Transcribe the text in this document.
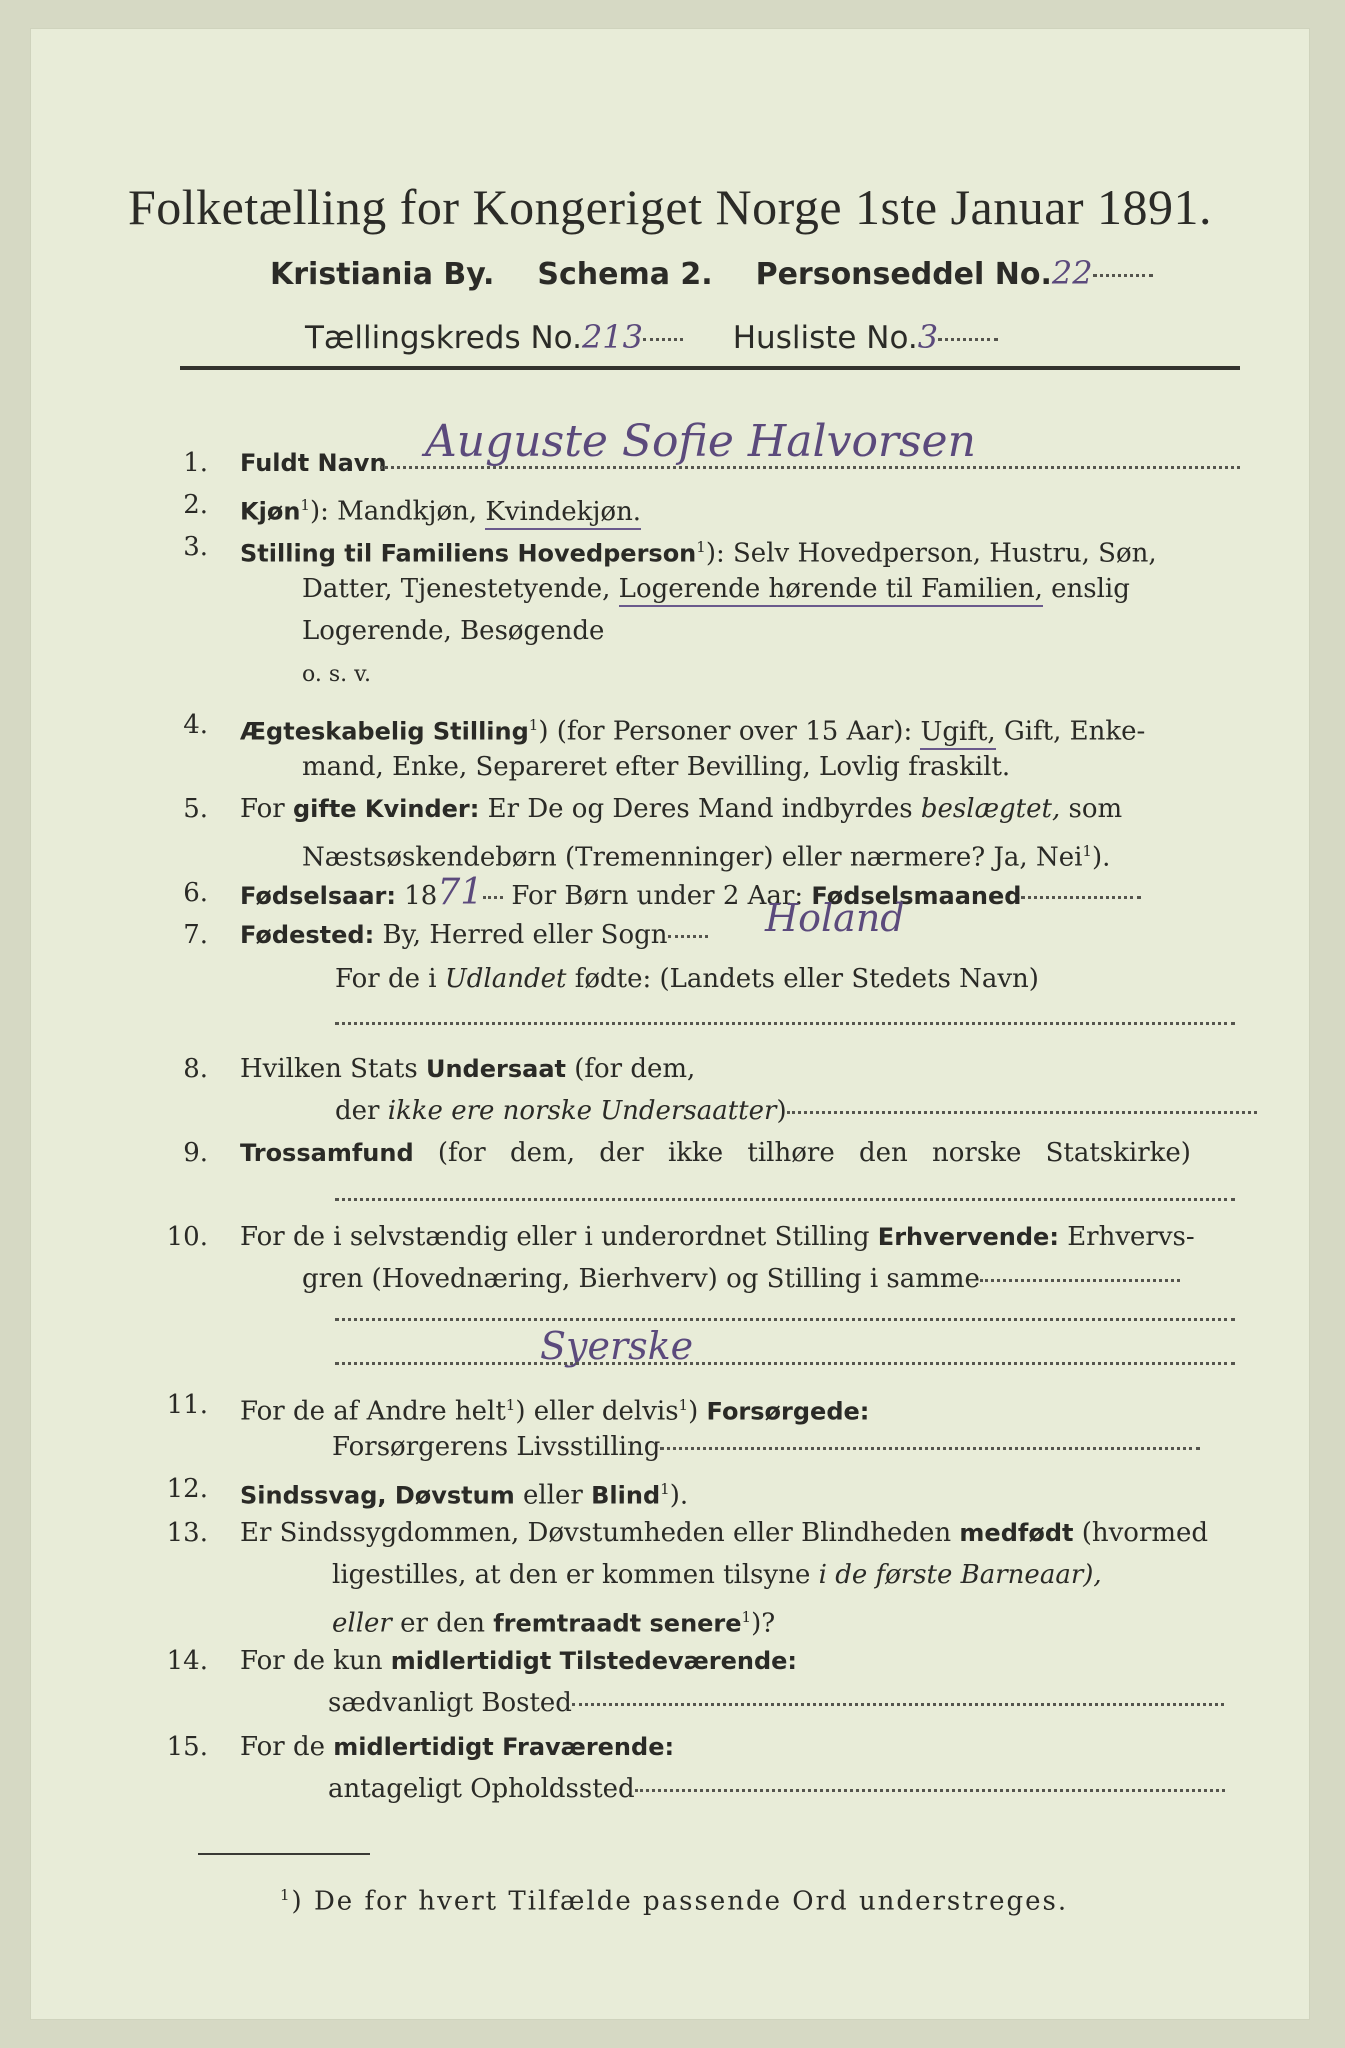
Folketælling for Kongeriget Norge 1ste Januar 1891.
Kristiania By. Schema 2. Personseddel No.22
Tællingskreds No.213	Husliste No.3
1. Fuldt Navn Auguste Sofie Halvorsen
2. Kjøn$^1$): Mandkjøn, Kvindekjøn.
3. Stilling til Familiens Hovedperson$^1$): Selv Hovedperson, Hustru, Søn,
Datter, Tjenestetyende, Logerende hørende til Familien, enslig
Logerende, Besøgende
o. s. v.
4. Ægteskabelig Stilling$^1$) (for Personer over 15 Aar): Ugift, Gift, Enke-
mand, Enke, Separeret efter Bevilling, Lovlig fraskilt.
5. For gifte Kvinder: Er De og Deres Mand indbyrdes beslægtet, som
Næstsøskendebørn (Tremenninger) eller nærmere? Ja, Nei$^1$).
6. Fødselsaar: 1871 For Børn under 2 Aar: Fødselsmaaned
7. Fødested: By, Herred eller Sogn	Holand
For de i Udlandet fødte: (Landets eller Stedets Navn)
8. Hvilken Stats Undersaat (for dem,
der ikke ere norske Undersaatter)
9. Trossamfund (for dem, der ikke tilhøre den norske Statskirke)
10. For de i selvstændig eller i underordnet Stilling Erhvervende: Erhvervs-
gren (Hovednæring, Bierhverv) og Stilling i samme
Syerske
11. For de af Andre helt$^1$) eller delvis$^1$) Forsørgede:
Forsørgerens Livsstilling
12. Sindssvag, Døvstum eller Blind$^1$).
13. Er Sindssygdommen, Døvstumheden eller Blindheden medfødt (hvormed
ligestilles, at den er kommen tilsyne i de første Barneaar),
eller er den fremtraadt senere$^1$)?
14. For de kun midlertidigt Tilstedeværende:
sædvanligt Bosted
15. For de midlertidigt Fraværende:
antageligt Opholdssted
$^1$) De for hvert Tilfælde passende Ord understreges.
